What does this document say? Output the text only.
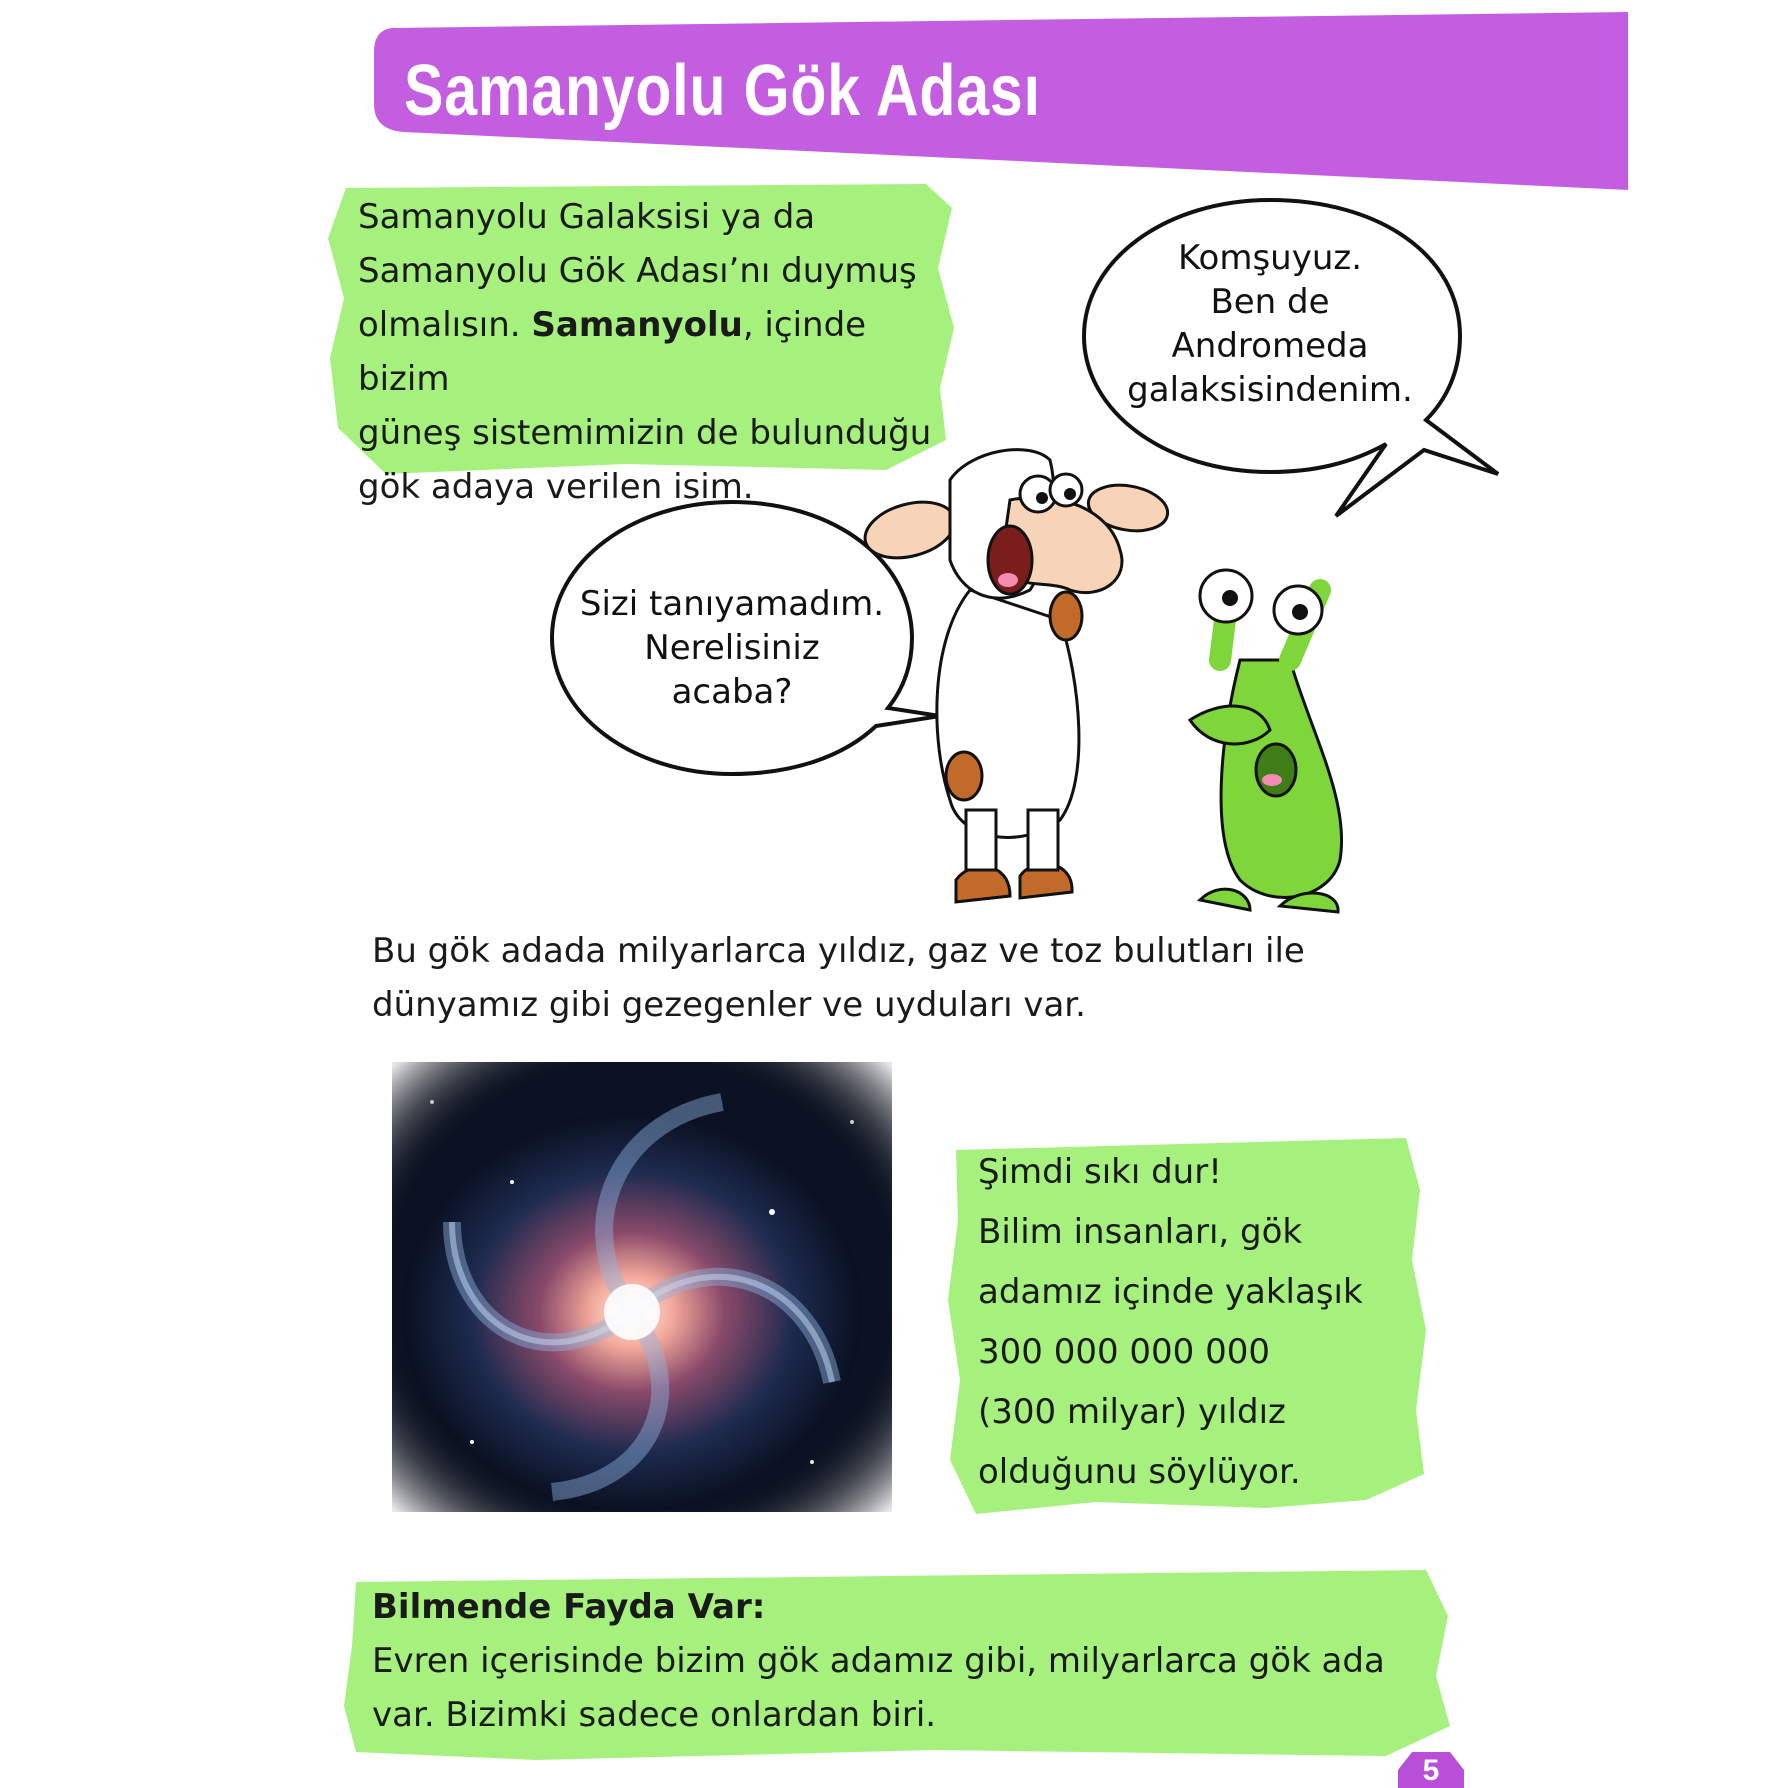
Samanyolu Gök Adası
Samanyolu Galaksisi ya da
Samanyolu Gök Adası’nı duymuş
olmalısın. Samanyolu, içinde bizim
güneş sistemimizin de bulunduğu
gök adaya verilen isim.
Komşuyuz.
Ben de
Andromeda
galaksisindenim.
Sizi tanıyamadım.
Nerelisiniz
acaba?
Bu gök adada milyarlarca yıldız, gaz ve toz bulutları ile
dünyamız gibi gezegenler ve uyduları var.
Şimdi sıkı dur!
Bilim insanları, gök
adamız içinde yaklaşık
300 000 000 000
(300 milyar) yıldız
olduğunu söylüyor.
Bilmende Fayda Var:
Evren içerisinde bizim gök adamız gibi, milyarlarca gök ada
var. Bizimki sadece onlardan biri.
5
